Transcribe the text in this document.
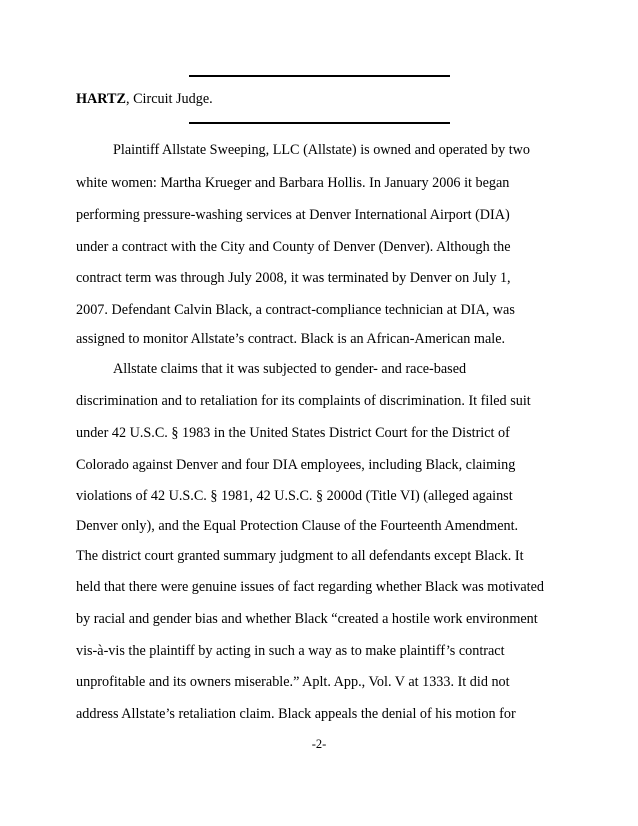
HARTZ, Circuit Judge.
Plaintiff Allstate Sweeping, LLC (Allstate) is owned and operated by two
white women: Martha Krueger and Barbara Hollis. In January 2006 it began
performing pressure-washing services at Denver International Airport (DIA)
under a contract with the City and County of Denver (Denver). Although the
contract term was through July 2008, it was terminated by Denver on July 1,
2007. Defendant Calvin Black, a contract-compliance technician at DIA, was
assigned to monitor Allstate’s contract. Black is an African-American male.
Allstate claims that it was subjected to gender- and race-based
discrimination and to retaliation for its complaints of discrimination. It filed suit
under 42 U.S.C. § 1983 in the United States District Court for the District of
Colorado against Denver and four DIA employees, including Black, claiming
violations of 42 U.S.C. § 1981, 42 U.S.C. § 2000d (Title VI) (alleged against
Denver only), and the Equal Protection Clause of the Fourteenth Amendment.
The district court granted summary judgment to all defendants except Black. It
held that there were genuine issues of fact regarding whether Black was motivated
by racial and gender bias and whether Black “created a hostile work environment
vis-à-vis the plaintiff by acting in such a way as to make plaintiff’s contract
unprofitable and its owners miserable.” Aplt. App., Vol. V at 1333. It did not
address Allstate’s retaliation claim. Black appeals the denial of his motion for
-2-
